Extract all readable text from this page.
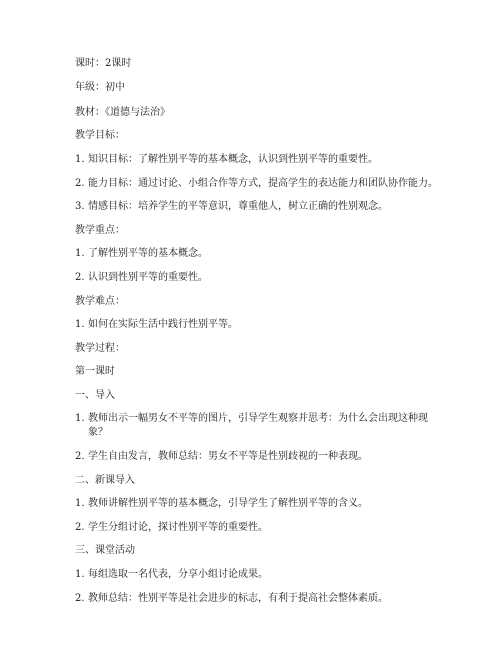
课时：2课时
年级：初中
教材：《道德与法治》
教学目标：
1. 知识目标：了解性别平等的基本概念，认识到性别平等的重要性。
2. 能力目标：通过讨论、小组合作等方式，提高学生的表达能力和团队协作能力。
3. 情感目标：培养学生的平等意识，尊重他人，树立正确的性别观念。
教学重点：
1. 了解性别平等的基本概念。
2. 认识到性别平等的重要性。
教学难点：
1. 如何在实际生活中践行性别平等。
教学过程：
第一课时
一、导入
1. 教师出示一幅男女不平等的图片，引导学生观察并思考：为什么会出现这种现象？
2. 学生自由发言，教师总结：男女不平等是性别歧视的一种表现。
二、新课导入
1. 教师讲解性别平等的基本概念，引导学生了解性别平等的含义。
2. 学生分组讨论，探讨性别平等的重要性。
三、课堂活动
1. 每组选取一名代表，分享小组讨论成果。
2. 教师总结：性别平等是社会进步的标志，有利于提高社会整体素质。
